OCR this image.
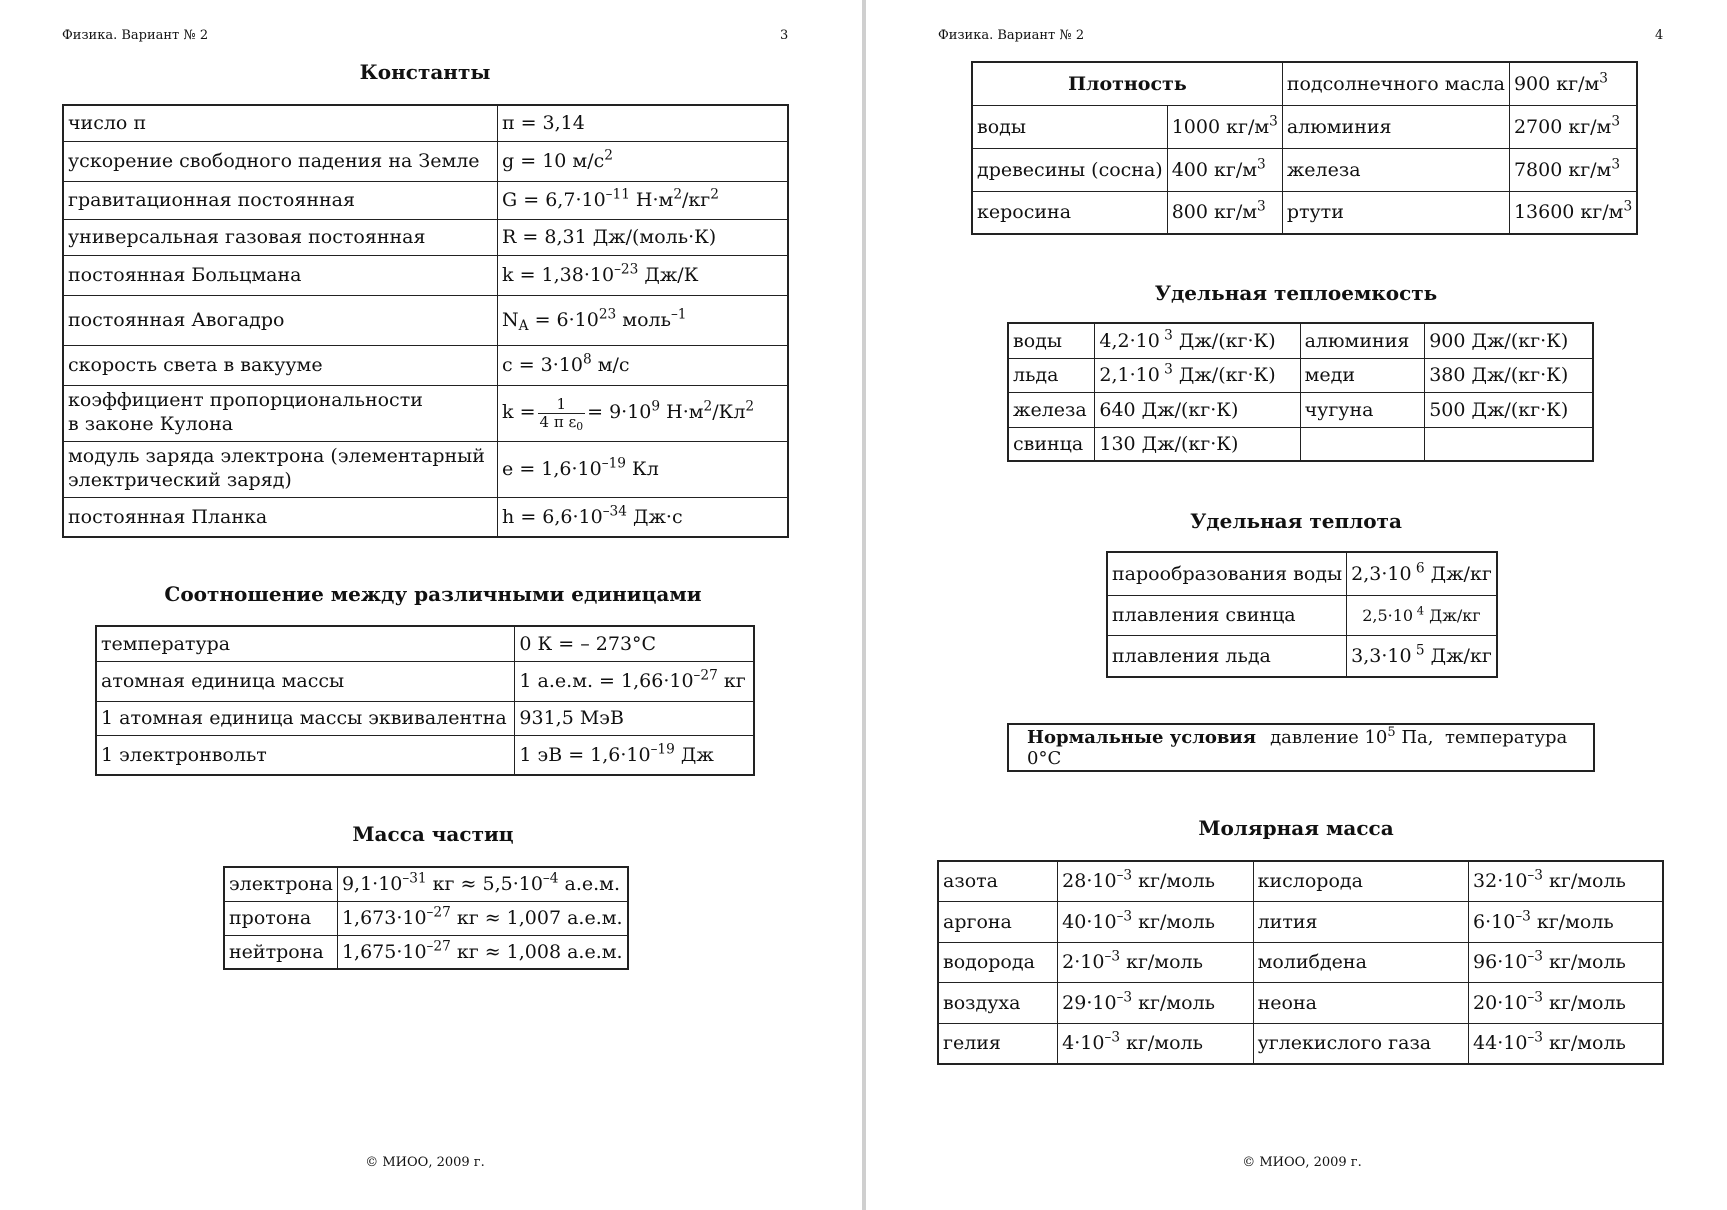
Физика. Вариант № 2	3
Константы
число π	π = 3,14
ускорение свободного падения на Земле	g = 10 $м/с^2$
гравитационная постоянная	$G = 6,7\cdot 10^{-11}$ $Н\cdot м^2/кг^2$
универсальная газовая постоянная	R = 8,31 Дж/(моль·К)
постоянная Больцмана	$k = 1,38\cdot 10^{-23}$ Дж/К
постоянная Авогадро	$N_A = 6\cdot 10^{23}$ моль$^{-1}$
скорость света в вакууме	$с = 3\cdot 10^8$ м/с
коэффициент пропорциональности
в законе Кулона	$k = \frac{1}{4 \pi \varepsilon_0} = 9\cdot 10^9$ $Н\cdot м^2/Кл^2$
модуль заряда электрона (элементарный
электрический заряд)	$e = 1,6\cdot 10^{-19}$ Кл
постоянная Планка	$h = 6,6\cdot 10^{-34}$ Дж·с
Соотношение между различными единицами
температура	0 К = – 273°С
атомная единица массы	1 а.е.м. = $1,66\cdot 10^{-27}$ кг
1 атомная единица массы эквивалентна	931,5 МэВ
1 электронвольт	1 эВ = $1,6\cdot 10^{-19}$ Дж
Масса частиц
электрона	$9,1\cdot 10^{-31}$ кг ≈ $5,5\cdot 10^{-4}$ а.е.м.
протона	$1,673\cdot 10^{-27}$ кг ≈ 1,007 а.е.м.
нейтрона	$1,675\cdot 10^{-27}$ кг ≈ 1,008 а.е.м.
© МИОО, 2009 г.
Физика. Вариант № 2	4
Плотность		подсолнечного масла	900 $кг/м^3$
воды	1000 $кг/м^3$	алюминия	2700 $кг/м^3$
древесины (сосна)	400 $кг/м^3$	железа	7800 $кг/м^3$
керосина	800 $кг/м^3$	ртути	13600 $кг/м^3$
Удельная теплоемкость
воды	4,2·10 $^3$ Дж/(кг·К)	алюминия	900 Дж/(кг·К)
льда	2,1·10 $^3$ Дж/(кг·К)	меди	380 Дж/(кг·К)
железа	640 Дж/(кг·К)	чугуна	500 Дж/(кг·К)
свинца	130 Дж/(кг·К)		
Удельная теплота
парообразования воды	2,3·10 $^6$ Дж/кг
плавления свинца	2,5·10 $^4$ Дж/кг
плавления льда	3,3·10 $^5$ Дж/кг
Нормальные условия давление $10^5$ Па, температура 0°С
Молярная масса
азота	$28\cdot 10^{-3}$ кг/моль	кислорода	$32\cdot 10^{-3}$ кг/моль
аргона	$40\cdot 10^{-3}$ кг/моль	лития	$6\cdot 10^{-3}$ кг/моль
водорода	$2\cdot 10^{-3}$ кг/моль	молибдена	$96\cdot 10^{-3}$ кг/моль
воздуха	$29\cdot 10^{-3}$ кг/моль	неона	$20\cdot 10^{-3}$ кг/моль
гелия	$4\cdot 10^{-3}$ кг/моль	углекислого газа	$44\cdot 10^{-3}$ кг/моль
© МИОО, 2009 г.
